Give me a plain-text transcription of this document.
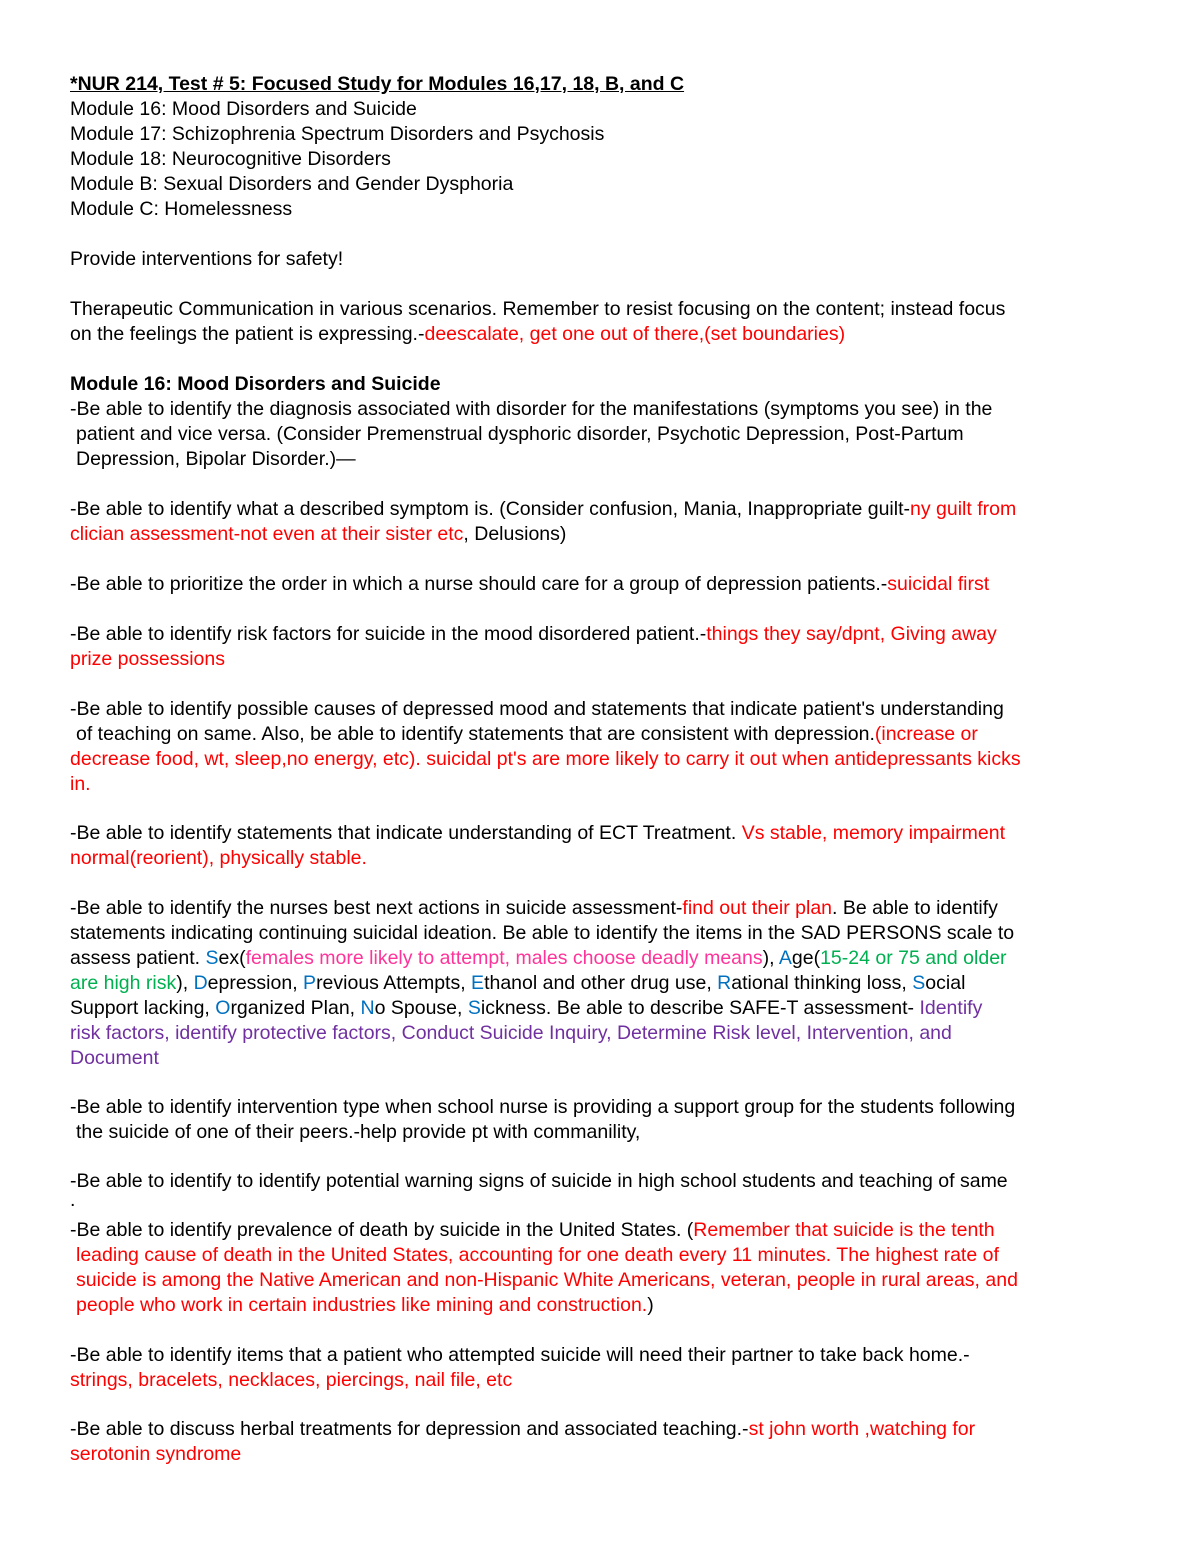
*NUR 214, Test # 5: Focused Study for Modules 16,17, 18, B, and C
Module 16: Mood Disorders and Suicide
Module 17: Schizophrenia Spectrum Disorders and Psychosis
Module 18: Neurocognitive Disorders
Module B: Sexual Disorders and Gender Dysphoria
Module C: Homelessness
Provide interventions for safety!
Therapeutic Communication in various scenarios. Remember to resist focusing on the content; instead focus
on the feelings the patient is expressing.-deescalate, get one out of there,(set boundaries)
Module 16: Mood Disorders and Suicide
-Be able to identify the diagnosis associated with disorder for the manifestations (symptoms you see) in the
patient and vice versa. (Consider Premenstrual dysphoric disorder, Psychotic Depression, Post-Partum
Depression, Bipolar Disorder.)—
-Be able to identify what a described symptom is. (Consider confusion, Mania, Inappropriate guilt-ny guilt from
clician assessment-not even at their sister etc, Delusions)
-Be able to prioritize the order in which a nurse should care for a group of depression patients.-suicidal first
-Be able to identify risk factors for suicide in the mood disordered patient.-things they say/dpnt, Giving away
prize possessions
-Be able to identify possible causes of depressed mood and statements that indicate patient's understanding
of teaching on same. Also, be able to identify statements that are consistent with depression.(increase or
decrease food, wt, sleep,no energy, etc). suicidal pt's are more likely to carry it out when antidepressants kicks
in.
-Be able to identify statements that indicate understanding of ECT Treatment. Vs stable, memory impairment
normal(reorient), physically stable.
-Be able to identify the nurses best next actions in suicide assessment-find out their plan. Be able to identify
statements indicating continuing suicidal ideation. Be able to identify the items in the SAD PERSONS scale to
assess patient. Sex(females more likely to attempt, males choose deadly means), Age(15-24 or 75 and older
are high risk), Depression, Previous Attempts, Ethanol and other drug use, Rational thinking loss, Social
Support lacking, Organized Plan, No Spouse, Sickness. Be able to describe SAFE-T assessment- Identify
risk factors, identify protective factors, Conduct Suicide Inquiry, Determine Risk level, Intervention, and
Document
-Be able to identify intervention type when school nurse is providing a support group for the students following
the suicide of one of their peers.-help provide pt with commanility,
-Be able to identify to identify potential warning signs of suicide in high school students and teaching of same
.
-Be able to identify prevalence of death by suicide in the United States. (Remember that suicide is the tenth
leading cause of death in the United States, accounting for one death every 11 minutes. The highest rate of
suicide is among the Native American and non-Hispanic White Americans, veteran, people in rural areas, and
people who work in certain industries like mining and construction.)
-Be able to identify items that a patient who attempted suicide will need their partner to take back home.-
strings, bracelets, necklaces, piercings, nail file, etc
-Be able to discuss herbal treatments for depression and associated teaching.-st john worth ,watching for
serotonin syndrome
